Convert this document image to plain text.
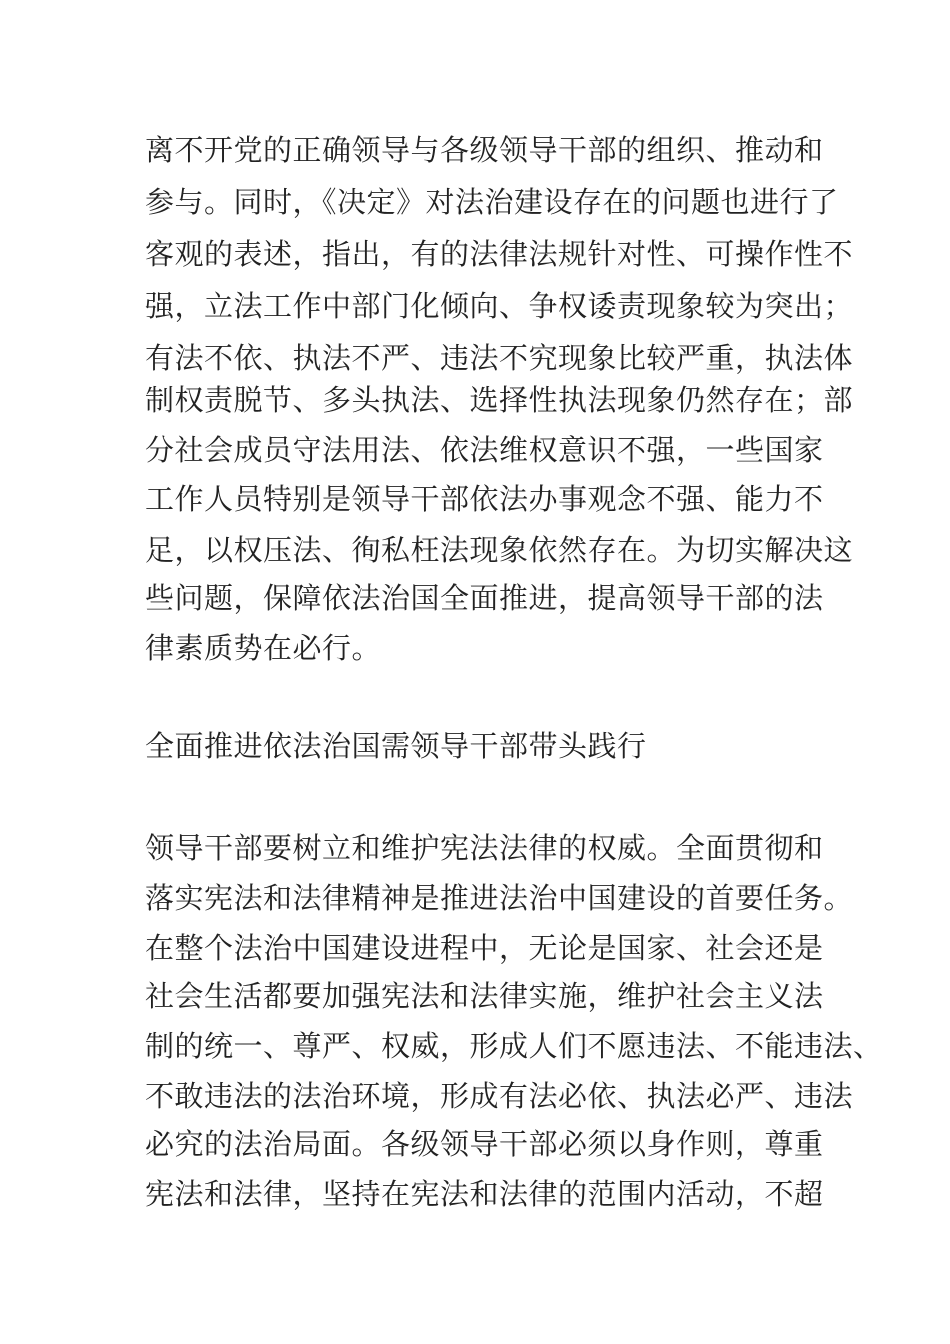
离不开党的正确领导与各级领导干部的组织、推动和
参与。同时，《决定》对法治建设存在的问题也进行了
客观的表述，指出，有的法律法规针对性、可操作性不
强，立法工作中部门化倾向、争权诿责现象较为突出；
有法不依、执法不严、违法不究现象比较严重，执法体
制权责脱节、多头执法、选择性执法现象仍然存在；部
分社会成员守法用法、依法维权意识不强，一些国家
工作人员特别是领导干部依法办事观念不强、能力不
足，以权压法、徇私枉法现象依然存在。为切实解决这
些问题，保障依法治国全面推进，提高领导干部的法
律素质势在必行。
全面推进依法治国需领导干部带头践行
领导干部要树立和维护宪法法律的权威。全面贯彻和
落实宪法和法律精神是推进法治中国建设的首要任务。
在整个法治中国建设进程中，无论是国家、社会还是
社会生活都要加强宪法和法律实施，维护社会主义法
制的统一、尊严、权威，形成人们不愿违法、不能违法、
不敢违法的法治环境，形成有法必依、执法必严、违法
必究的法治局面。各级领导干部必须以身作则，尊重
宪法和法律，坚持在宪法和法律的范围内活动，不超
